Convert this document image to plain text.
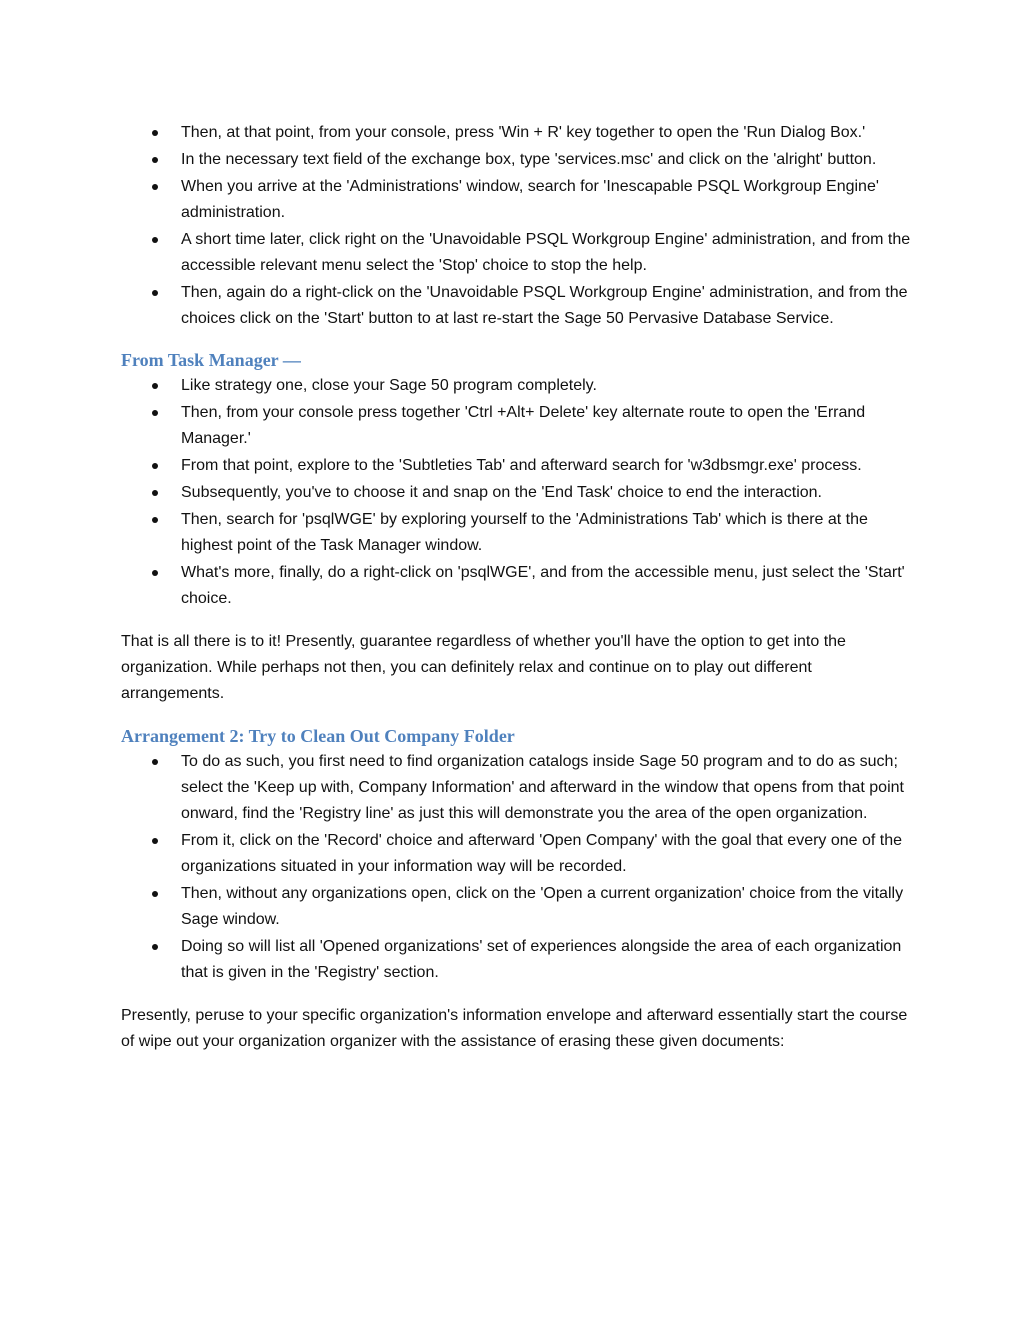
Then, at that point, from your console, press 'Win + R' key together to open the 'Run Dialog Box.'
In the necessary text field of the exchange box, type 'services.msc' and click on the 'alright' button.
When you arrive at the 'Administrations' window, search for 'Inescapable PSQL Workgroup Engine' administration.
A short time later, click right on the 'Unavoidable PSQL Workgroup Engine' administration, and from the accessible relevant menu select the 'Stop' choice to stop the help.
Then, again do a right-click on the 'Unavoidable PSQL Workgroup Engine' administration, and from the choices click on the 'Start' button to at last re-start the Sage 50 Pervasive Database Service.
From Task Manager —
Like strategy one, close your Sage 50 program completely.
Then, from your console press together 'Ctrl +Alt+ Delete' key alternate route to open the 'Errand Manager.'
From that point, explore to the 'Subtleties Tab' and afterward search for 'w3dbsmgr.exe' process.
Subsequently, you've to choose it and snap on the 'End Task' choice to end the interaction.
Then, search for 'psqlWGE' by exploring yourself to the 'Administrations Tab' which is there at the highest point of the Task Manager window.
What's more, finally, do a right-click on 'psqlWGE', and from the accessible menu, just select the 'Start' choice.

That is all there is to it! Presently, guarantee regardless of whether you'll have the option to get into the organization. While perhaps not then, you can definitely relax and continue on to play out different arrangements.

Arrangement 2: Try to Clean Out Company Folder
To do as such, you first need to find organization catalogs inside Sage 50 program and to do as such; select the 'Keep up with, Company Information' and afterward in the window that opens from that point onward, find the 'Registry line' as just this will demonstrate you the area of the open organization.
From it, click on the 'Record' choice and afterward 'Open Company' with the goal that every one of the organizations situated in your information way will be recorded.
Then, without any organizations open, click on the 'Open a current organization' choice from the vitally Sage window.
Doing so will list all 'Opened organizations' set of experiences alongside the area of each organization that is given in the 'Registry' section.

Presently, peruse to your specific organization's information envelope and afterward essentially start the course of wipe out your organization organizer with the assistance of erasing these given documents:
